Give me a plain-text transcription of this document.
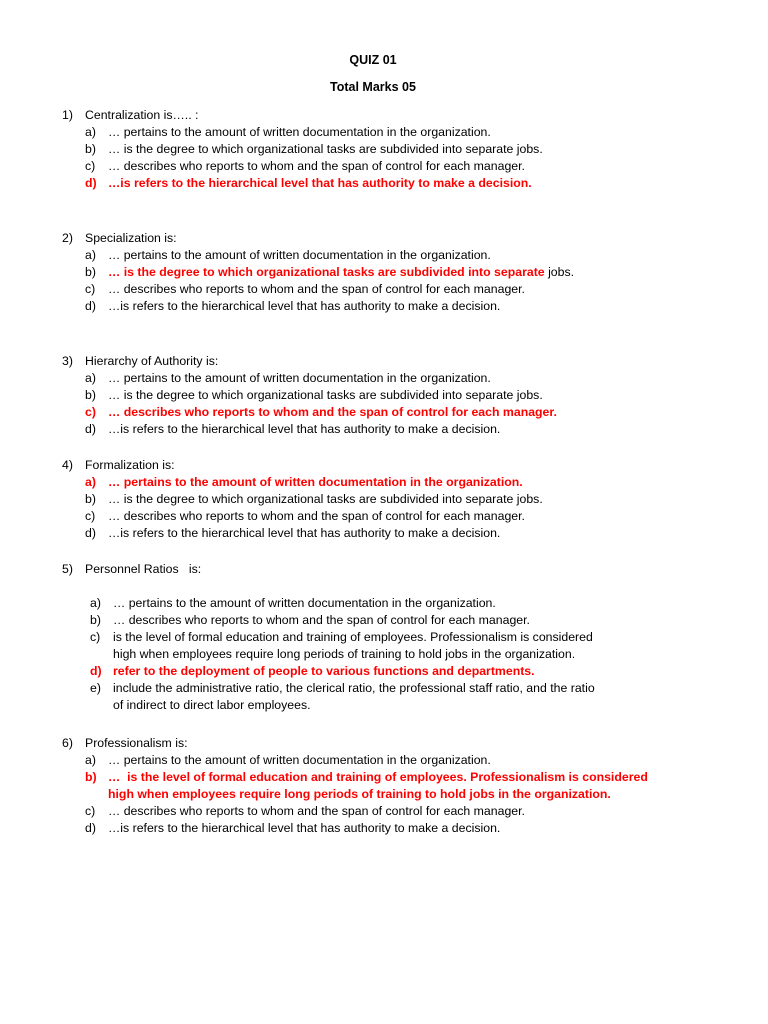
QUIZ 01
Total Marks 05
1) Centralization is….. :
a) … pertains to the amount of written documentation in the organization.
b) … is the degree to which organizational tasks are subdivided into separate jobs.
c) … describes who reports to whom and the span of control for each manager.
d) …is refers to the hierarchical level that has authority to make a decision.
2) Specialization is:
a) … pertains to the amount of written documentation in the organization.
b) … is the degree to which organizational tasks are subdivided into separate jobs.
c) … describes who reports to whom and the span of control for each manager.
d) …is refers to the hierarchical level that has authority to make a decision.
3) Hierarchy of Authority is:
a) … pertains to the amount of written documentation in the organization.
b) … is the degree to which organizational tasks are subdivided into separate jobs.
c) … describes who reports to whom and the span of control for each manager.
d) …is refers to the hierarchical level that has authority to make a decision.
4) Formalization is:
a) … pertains to the amount of written documentation in the organization.
b) … is the degree to which organizational tasks are subdivided into separate jobs.
c) … describes who reports to whom and the span of control for each manager.
d) …is refers to the hierarchical level that has authority to make a decision.
5) Personnel Ratios   is:
a) … pertains to the amount of written documentation in the organization.
b) … describes who reports to whom and the span of control for each manager.
c) is the level of formal education and training of employees. Professionalism is considered
high when employees require long periods of training to hold jobs in the organization.
d) refer to the deployment of people to various functions and departments.
e) include the administrative ratio, the clerical ratio, the professional staff ratio, and the ratio
of indirect to direct labor employees.
6) Professionalism is:
a) … pertains to the amount of written documentation in the organization.
b) …  is the level of formal education and training of employees. Professionalism is considered
high when employees require long periods of training to hold jobs in the organization.
c) … describes who reports to whom and the span of control for each manager.
d) …is refers to the hierarchical level that has authority to make a decision.
